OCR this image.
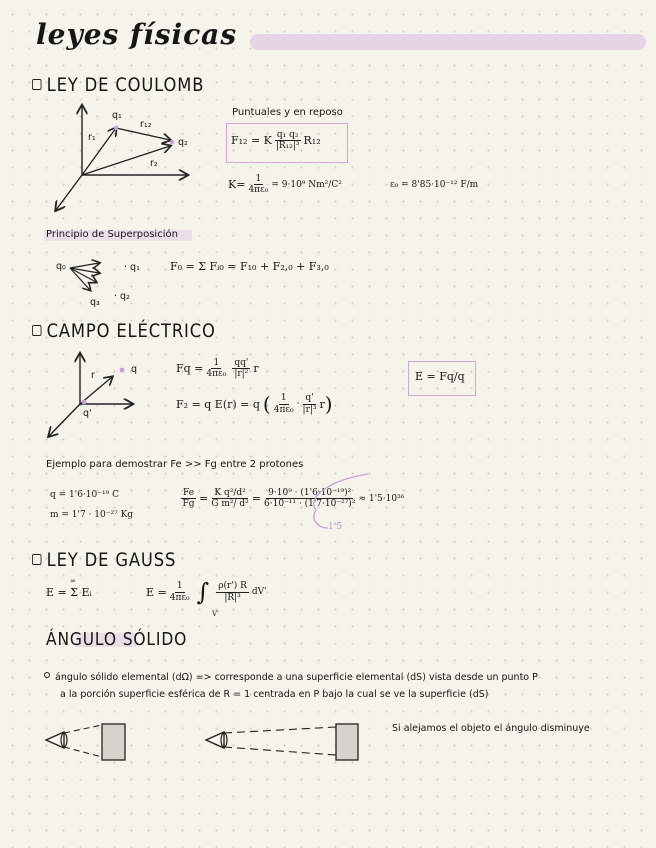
leyes físicas
LEY DE COULOMB
q₁
q₂
r₁
r₁₂
r₂
Puntuales y en reposo
F₁₂ = K $\frac{\text{q₁ q₂}}{\text{|R₁₂|³}} R_{12}$
$K= \frac{1}{\text{4πε₀}} = 9\cdot 10^9$ Nm²/C²	ε₀ = 8'85·10⁻¹² F/m
Principio de Superposición
q₀	· q₁
q₃
· q₂
F₀ = Σ Fᵢ₀ = F₁₀ + F₂,₀ + F₃,₀
CAMPO ELÉCTRICO
r
q
q'
$Fq = \frac{1}{\text{4πε₀}} \frac{qq'}{\text{|r|²}}$ r
F₂ = q E(r) = q ( $\frac{1}{\text{4πε₀}} \cdot \frac{q'}{\text{|r|³}}$ r )
E = Fq/q
Ejemplo para demostrar Fe >> Fg entre 2 protones
q = 1'6·10⁻¹⁹ C
m = 1'7 · 10⁻²⁷ Kg
$\frac{Fe}{Fg} = \frac{\text{K q²/d²}}{\text{G m²/ d²}} = \frac{\text{9·10⁹ · (1'6·10⁻¹⁹)²}}{\text{6·10⁻¹¹ · (1'7·10⁻²⁷)²}} \approx 1'5\cdot 10^{36}$
1'5
LEY DE GAUSS
E = Σ Eᵢ
∞
$E = \frac{1}{\text{4πε₀}}$ ∫ $\frac{\rho(r') R}{\text{|R|³}} dV'$
V'
ÁNGULO SÓLIDO
ángulo sólido elemental (dΩ) => corresponde a una superficie elemental (dS) vista desde un punto P
a la porción superficie esférica de R = 1 centrada en P bajo la cual se ve la superficie (dS)
Si alejamos el objeto el ángulo disminuye
